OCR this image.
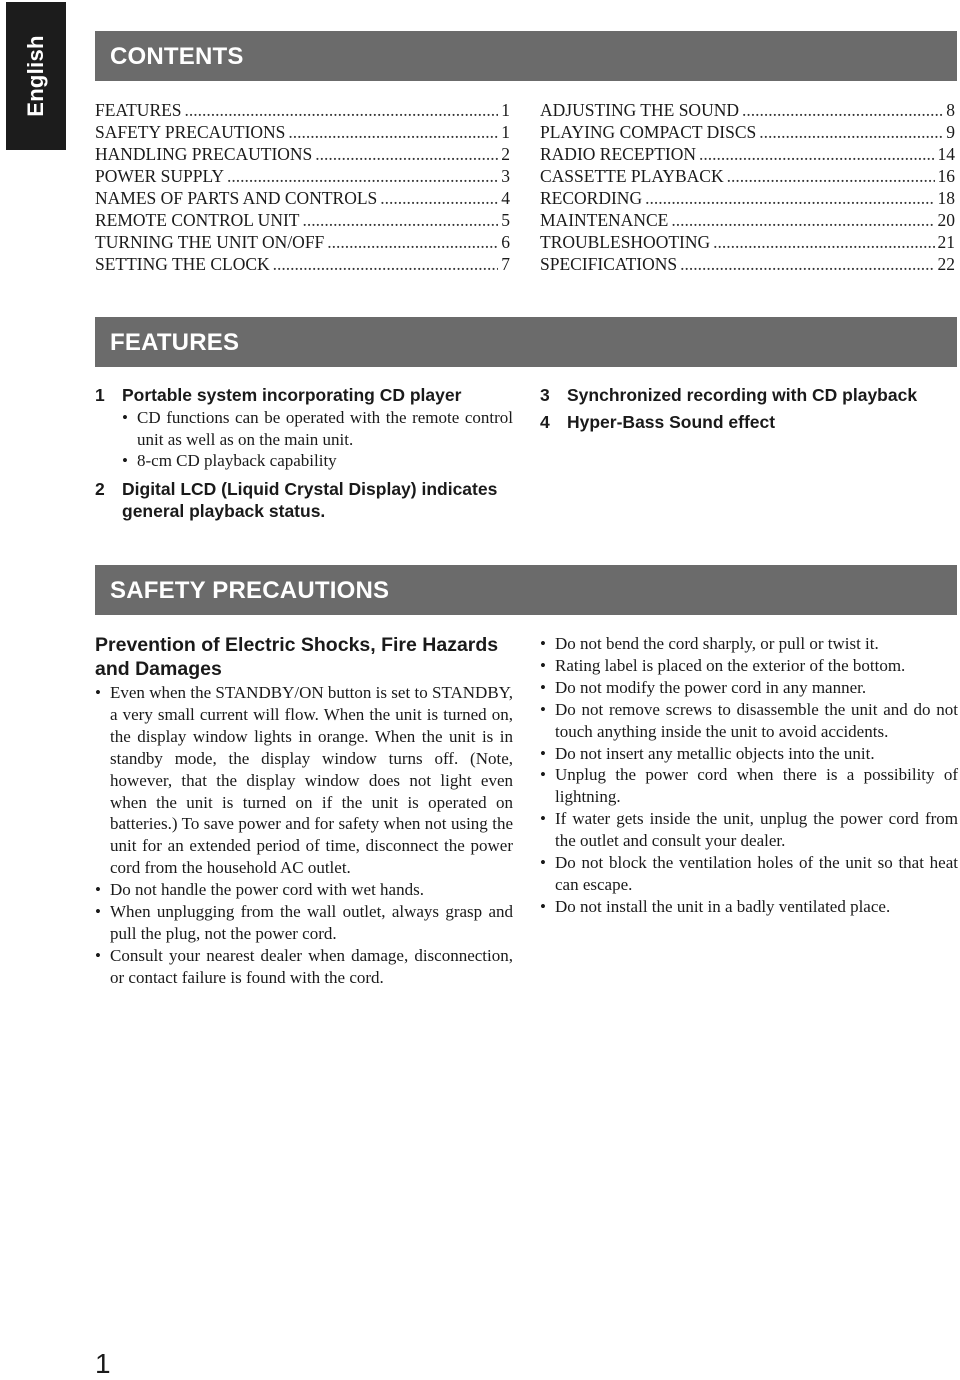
English	CONTENTS
FEATURES .....	1
SAFETY PRECAUTIONS .....	1
HANDLING PRECAUTIONS .....	2
POWER SUPPLY .....	3
NAMES OF PARTS AND CONTROLS .....	4
REMOTE CONTROL UNIT .....	5
TURNING THE UNIT ON/OFF .....	6
SETTING THE CLOCK .....	7
ADJUSTING THE SOUND .....	8
PLAYING COMPACT DISCS .....	9
RADIO RECEPTION .....	14
CASSETTE PLAYBACK .....	16
RECORDING .....	18
MAINTENANCE .....	20
TROUBLESHOOTING .....	21
SPECIFICATIONS .....	22
FEATURES
1 Portable system incorporating CD player
• CD functions can be operated with the remote control unit as well as on the main unit.
• 8-cm CD playback capability
2 Digital LCD (Liquid Crystal Display) indicates general playback status.
3 Synchronized recording with CD playback
4 Hyper-Bass Sound effect
SAFETY PRECAUTIONS
Prevention of Electric Shocks, Fire Hazards and Damages
• Even when the STANDBY/ON button is set to STANDBY, a very small current will flow. When the unit is turned on, the display window lights in orange. When the unit is in standby mode, the display window turns off. (Note, however, that the display window does not light even when the unit is turned on if the unit is operated on batteries.) To save power and for safety when not using the unit for an extended period of time, disconnect the power cord from the household AC outlet.
• Do not handle the power cord with wet hands.
• When unplugging from the wall outlet, always grasp and pull the plug, not the power cord.
• Consult your nearest dealer when damage, disconnection, or contact failure is found with the cord.
• Do not bend the cord sharply, or pull or twist it.
• Rating label is placed on the exterior of the bottom.
• Do not modify the power cord in any manner.
• Do not remove screws to disassemble the unit and do not touch anything inside the unit to avoid accidents.
• Do not insert any metallic objects into the unit.
• Unplug the power cord when there is a possibility of lightning.
• If water gets inside the unit, unplug the power cord from the outlet and consult your dealer.
• Do not block the ventilation holes of the unit so that heat can escape.
• Do not install the unit in a badly ventilated place.
1
